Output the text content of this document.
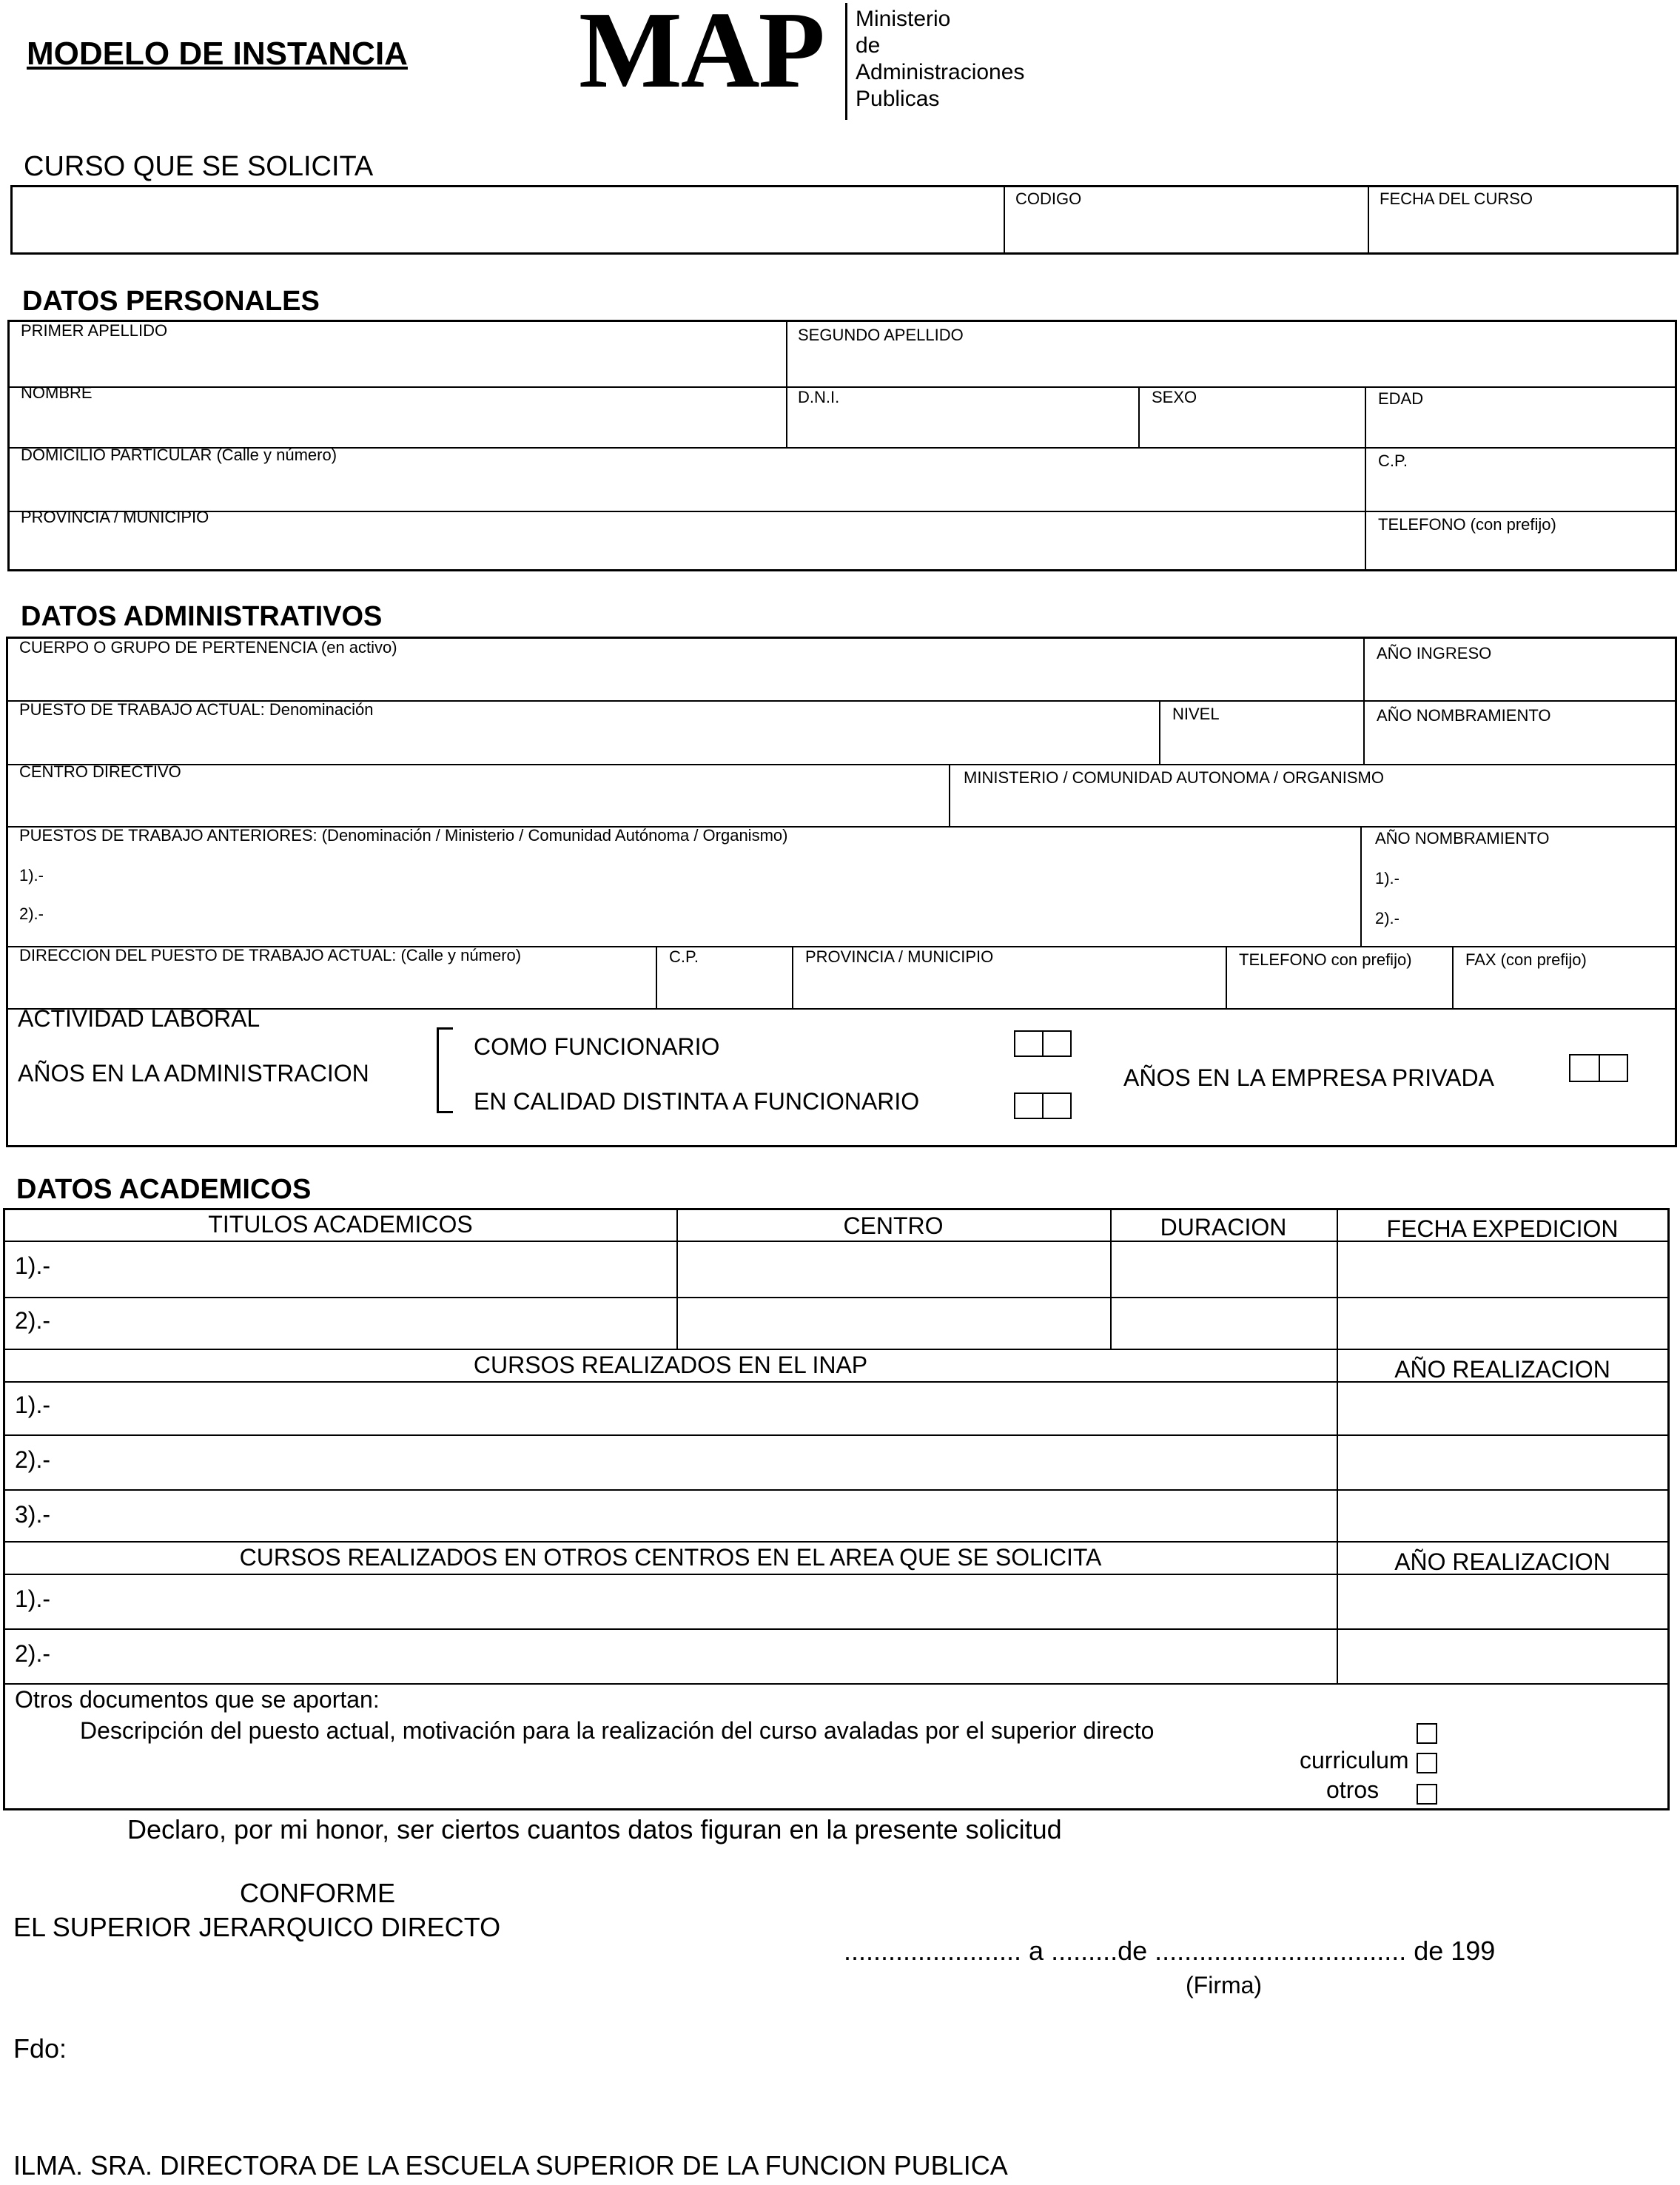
MODELO DE INSTANCIA MAP Ministerio
de
Administraciones
Publicas
CURSO QUE SE SOLICITA
CODIGO	FECHA DEL CURSO
DATOS PERSONALES
PRIMER APELLIDO	SEGUNDO APELLIDO
NOMBRE	D.N.I.	SEXO	EDAD
DOMICILIO PARTICULAR (Calle y número)	C.P.
PROVINCIA / MUNICIPIO	TELEFONO (con prefijo)
DATOS ADMINISTRATIVOS
CUERPO O GRUPO DE PERTENENCIA (en activo)	AÑO INGRESO
PUESTO DE TRABAJO ACTUAL: Denominación	NIVEL	AÑO NOMBRAMIENTO
CENTRO DIRECTIVO	MINISTERIO / COMUNIDAD AUTONOMA / ORGANISMO
PUESTOS DE TRABAJO ANTERIORES: (Denominación / Ministerio / Comunidad Autónoma / Organismo)
1).-
2).-
AÑO NOMBRAMIENTO
1).-
2).-
DIRECCION DEL PUESTO DE TRABAJO ACTUAL: (Calle y número)	C.P.	PROVINCIA / MUNICIPIO	TELEFONO con prefijo)	FAX (con prefijo)
ACTIVIDAD LABORAL
AÑOS EN LA ADMINISTRACION
COMO FUNCIONARIO
EN CALIDAD DISTINTA A FUNCIONARIO
AÑOS EN LA EMPRESA PRIVADA
DATOS ACADEMICOS
TITULOS ACADEMICOS	CENTRO	DURACION	FECHA EXPEDICION
1).-
2).-
CURSOS REALIZADOS EN EL INAP	AÑO REALIZACION
1).-
2).-
3).-
CURSOS REALIZADOS EN OTROS CENTROS EN EL AREA QUE SE SOLICITA	AÑO REALIZACION
1).-
2).-
Otros documentos que se aportan:
Descripción del puesto actual, motivación para la realización del curso avaladas por el superior directo
curriculum
otros
Declaro, por mi honor, ser ciertos cuantos datos figuran en la presente solicitud
CONFORME
EL SUPERIOR JERARQUICO DIRECTO
........................ a .........de .................................. de 199
(Firma)
Fdo:
ILMA. SRA. DIRECTORA DE LA ESCUELA SUPERIOR DE LA FUNCION PUBLICA
